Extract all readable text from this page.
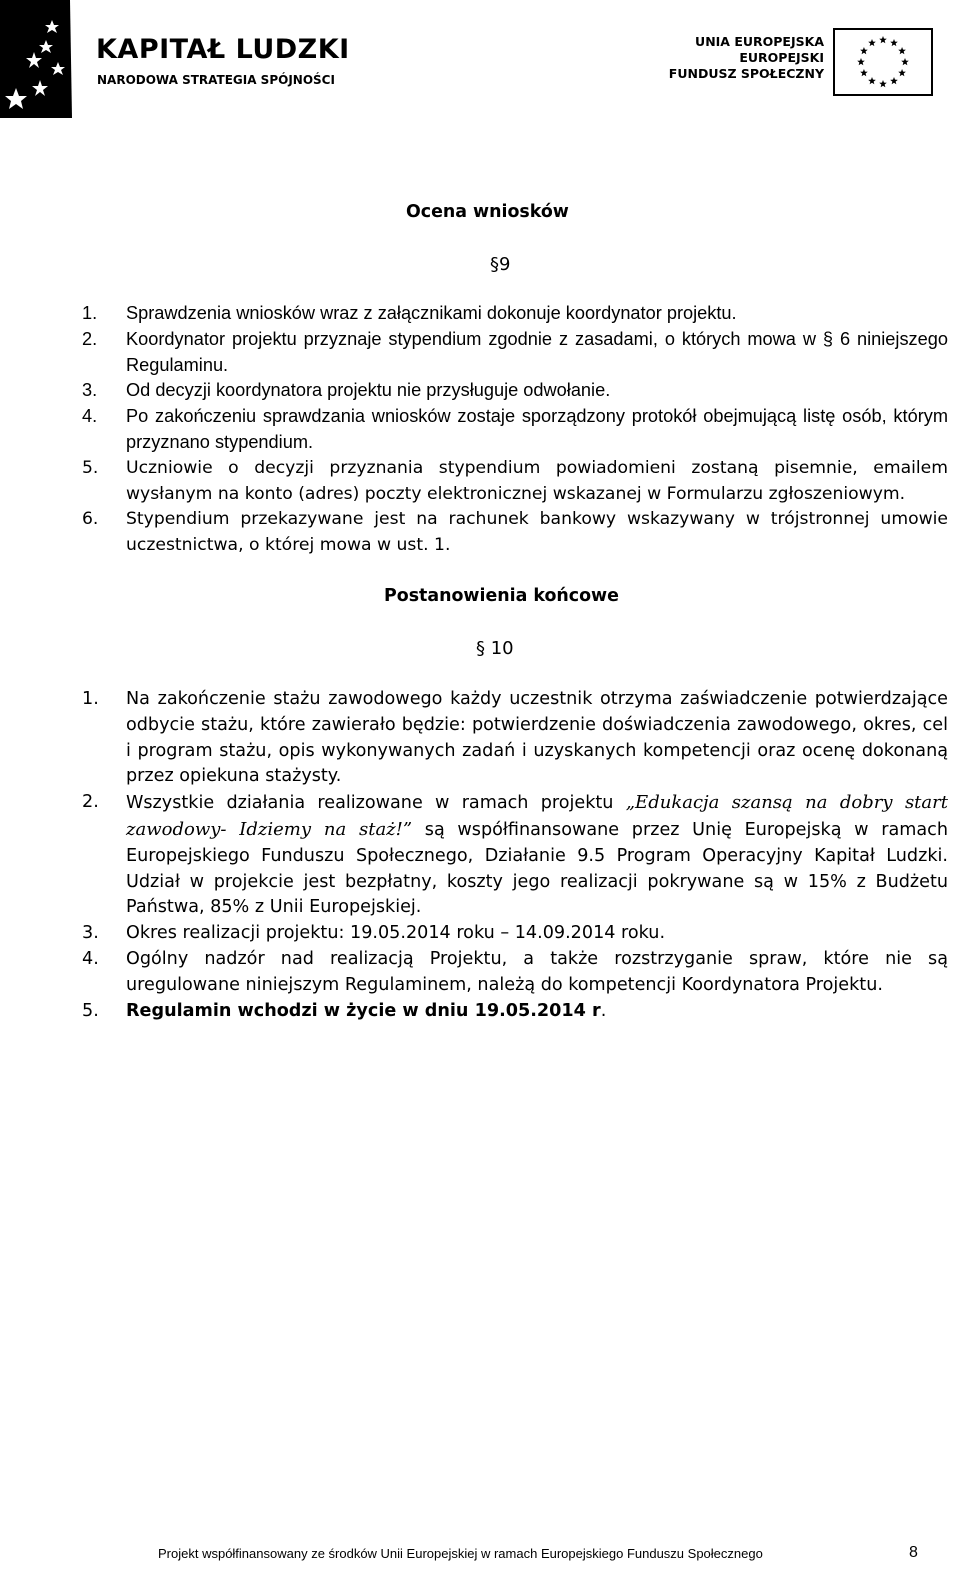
KAPITAŁ LUDZKI
NARODOWA STRATEGIA SPÓJNOŚCI
UNIA EUROPEJSKA
EUROPEJSKI
FUNDUSZ SPOŁECZNY
Ocena wniosków
§9
1. Sprawdzenia wniosków wraz z załącznikami dokonuje koordynator projektu.
2. Koordynator projektu przyznaje stypendium zgodnie z zasadami, o których mowa w § 6 niniejszego Regulaminu.
3. Od decyzji koordynatora projektu nie przysługuje odwołanie.
4. Po zakończeniu sprawdzania wniosków zostaje sporządzony protokół obejmującą listę osób, którym przyznano stypendium.
5. Uczniowie o decyzji przyznania stypendium powiadomieni zostaną pisemnie, emailem wysłanym na konto (adres) poczty elektronicznej wskazanej w Formularzu zgłoszeniowym.
6. Stypendium przekazywane jest na rachunek bankowy wskazywany w trójstronnej umowie uczestnictwa, o której mowa w ust. 1.
Postanowienia końcowe
§ 10
1. Na zakończenie stażu zawodowego każdy uczestnik otrzyma zaświadczenie potwierdzające odbycie stażu, które zawierało będzie: potwierdzenie doświadczenia zawodowego, okres, cel i program stażu, opis wykonywanych zadań i uzyskanych kompetencji oraz ocenę dokonaną przez opiekuna stażysty.
2. Wszystkie działania realizowane w ramach projektu „Edukacja szansą na dobry start zawodowy- Idziemy na staż!” są współfinansowane przez Unię Europejską w ramach Europejskiego Funduszu Społecznego, Działanie 9.5 Program Operacyjny Kapitał Ludzki. Udział w projekcie jest bezpłatny, koszty jego realizacji pokrywane są w 15% z Budżetu Państwa, 85% z Unii Europejskiej.
3. Okres realizacji projektu: 19.05.2014 roku – 14.09.2014 roku.
4. Ogólny nadzór nad realizacją Projektu, a także rozstrzyganie spraw, które nie są uregulowane niniejszym Regulaminem, należą do kompetencji Koordynatora Projektu.
5. Regulamin wchodzi w życie w dniu 19.05.2014 r.
Projekt współfinansowany ze środków Unii Europejskiej w ramach Europejskiego Funduszu Społecznego	8
